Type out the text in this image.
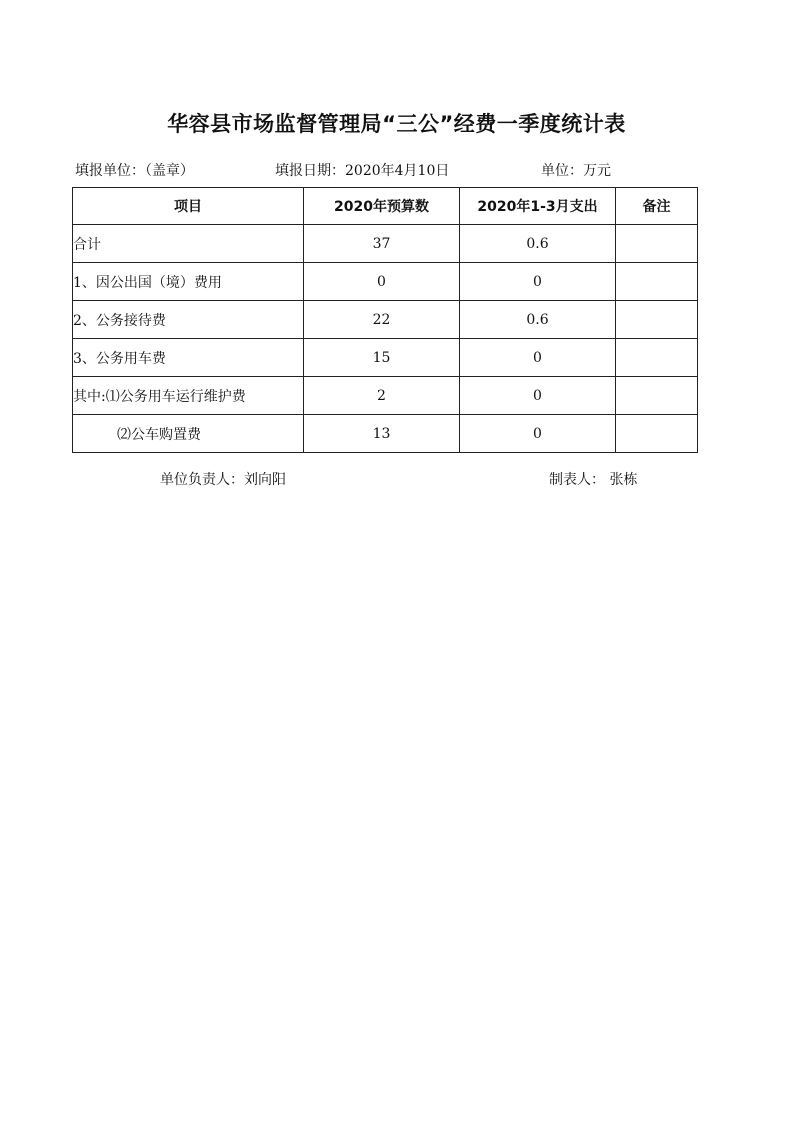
华容县市场监督管理局“三公”经费一季度统计表
填报单位：（盖章）	填报日期：2020年4月10日	单位：万元
项目	2020年预算数	2020年1-3月支出	备注
合计	37	0.6	
1、因公出国（境）费用	0	0	
2、公务接待费	22	0.6	
3、公务用车费	15	0	
其中:⑴公务用车运行维护费	2	0	
⑵公车购置费	13	0	
单位负责人：刘向阳	制表人： 张栋
